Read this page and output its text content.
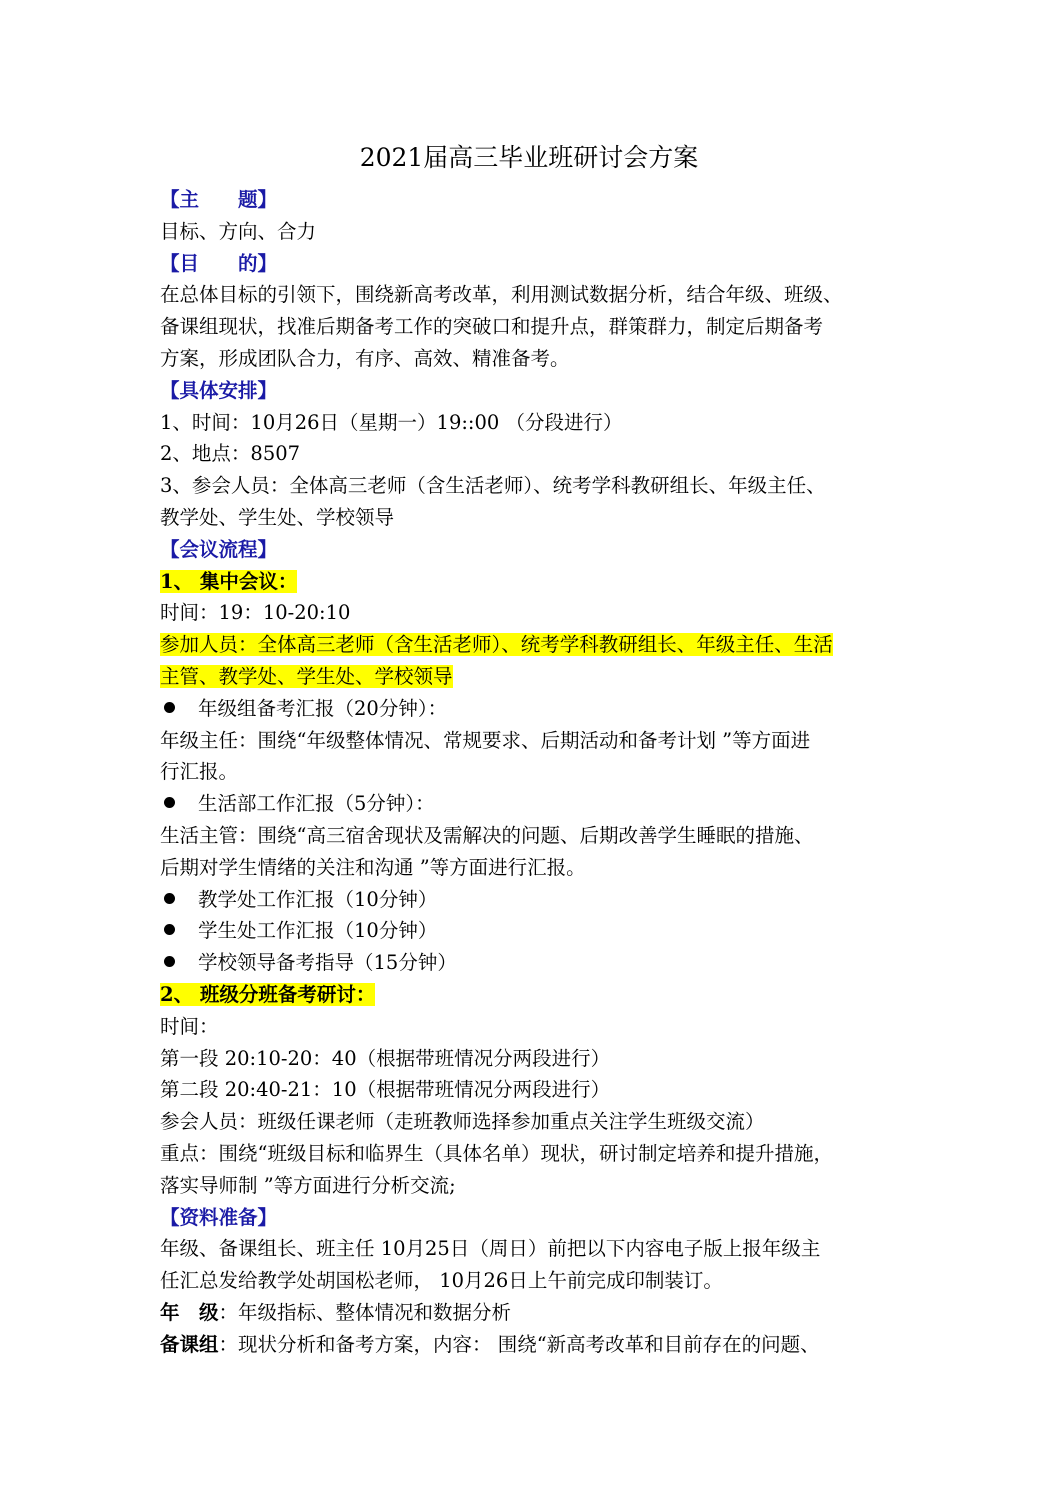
2021届高三毕业班研讨会方案

【主　　题】

目标、方向、合力

【目　　的】

在总体目标的引领下，围绕新高考改革，利用测试数据分析，结合年级、班级、

备课组现状，找准后期备考工作的突破口和提升点，群策群力，制定后期备考

方案，形成团队合力，有序、高效、精准备考。

【具体安排】

1、时间：10月26日（星期一）19::00 （分段进行）

2、地点：8507

3、参会人员：全体高三老师（含生活老师）、统考学科教研组长、年级主任、

教学处、学生处、学校领导

【会议流程】

1、 集中会议：

时间：19：10-20:10

参加人员：全体高三老师（含生活老师）、统考学科教研组长、年级主任、生活

主管、教学处、学生处、学校领导

年级组备考汇报（20分钟）：

年级主任：围绕“年级整体情况、常规要求、后期活动和备考计划 ”等方面进

行汇报。

生活部工作汇报（5分钟）：

生活主管：围绕“高三宿舍现状及需解决的问题、后期改善学生睡眠的措施、

后期对学生情绪的关注和沟通 ”等方面进行汇报。

教学处工作汇报（10分钟）

学生处工作汇报（10分钟）

学校领导备考指导（15分钟）

2、 班级分班备考研讨：

时间：

第一段 20:10-20：40（根据带班情况分两段进行）

第二段 20:40-21：10（根据带班情况分两段进行）

参会人员：班级任课老师（走班教师选择参加重点关注学生班级交流）

重点：围绕“班级目标和临界生（具体名单）现状，研讨制定培养和提升措施，

落实导师制 ”等方面进行分析交流;

【资料准备】

年级、备课组长、班主任 10月25日（周日）前把以下内容电子版上报年级主

任汇总发给教学处胡国松老师， 10月26日上午前完成印制装订。

年　级：年级指标、整体情况和数据分析

备课组：现状分析和备考方案，内容： 围绕“新高考改革和目前存在的问题、
